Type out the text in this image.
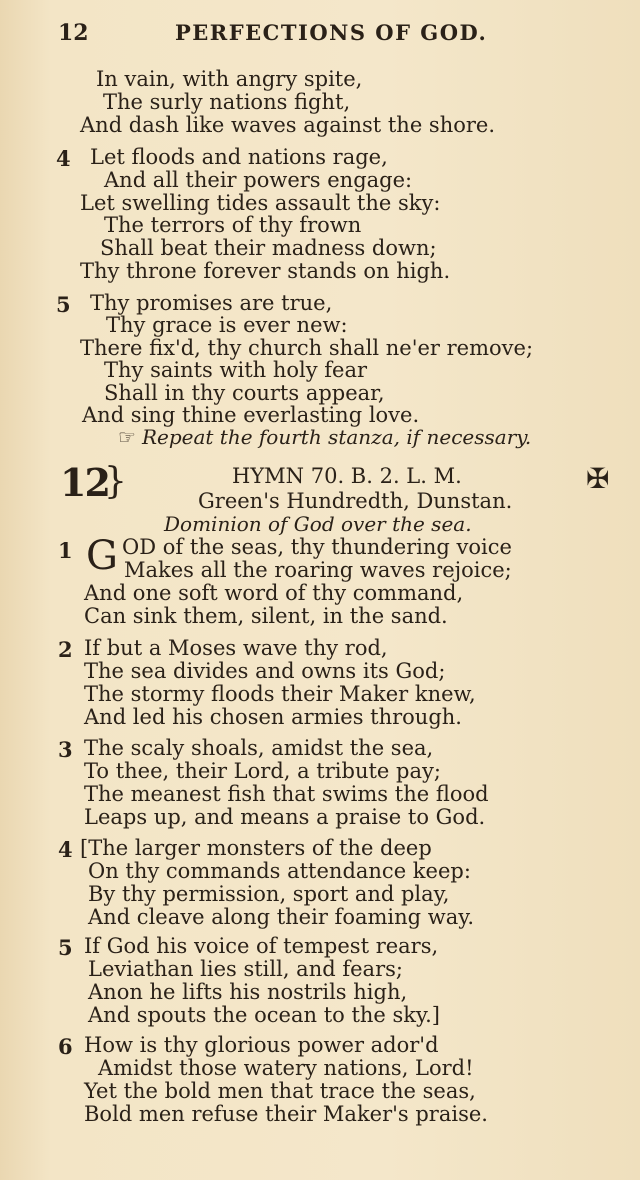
12	PERFECTIONS OF GOD.
In vain, with angry spite,
The surly nations fight,
And dash like waves against the shore.
4 Let floods and nations rage,
And all their powers engage:
Let swelling tides assault the sky:
The terrors of thy frown
Shall beat their madness down;
Thy throne forever stands on high.
5 Thy promises are true,
Thy grace is ever new:
There fix'd, thy church shall ne'er remove;
Thy saints with holy fear
Shall in thy courts appear,
And sing thine everlasting love.
☞ Repeat the fourth stanza, if necessary.
12
}	HYMN 70. B. 2. L. M.
Green's Hundredth, Dunstan.
Dominion of God over the sea.
✠
1 G OD of the seas, thy thundering voice
Makes all the roaring waves rejoice;
And one soft word of thy command,
Can sink them, silent, in the sand.
2 If but a Moses wave thy rod,
The sea divides and owns its God;
The stormy floods their Maker knew,
And led his chosen armies through.
3 The scaly shoals, amidst the sea,
To thee, their Lord, a tribute pay;
The meanest fish that swims the flood
Leaps up, and means a praise to God.
4 [The larger monsters of the deep
On thy commands attendance keep:
By thy permission, sport and play,
And cleave along their foaming way.
5 If God his voice of tempest rears,
Leviathan lies still, and fears;
Anon he lifts his nostrils high,
And spouts the ocean to the sky.]
6 How is thy glorious power ador'd
Amidst those watery nations, Lord!
Yet the bold men that trace the seas,
Bold men refuse their Maker's praise.
